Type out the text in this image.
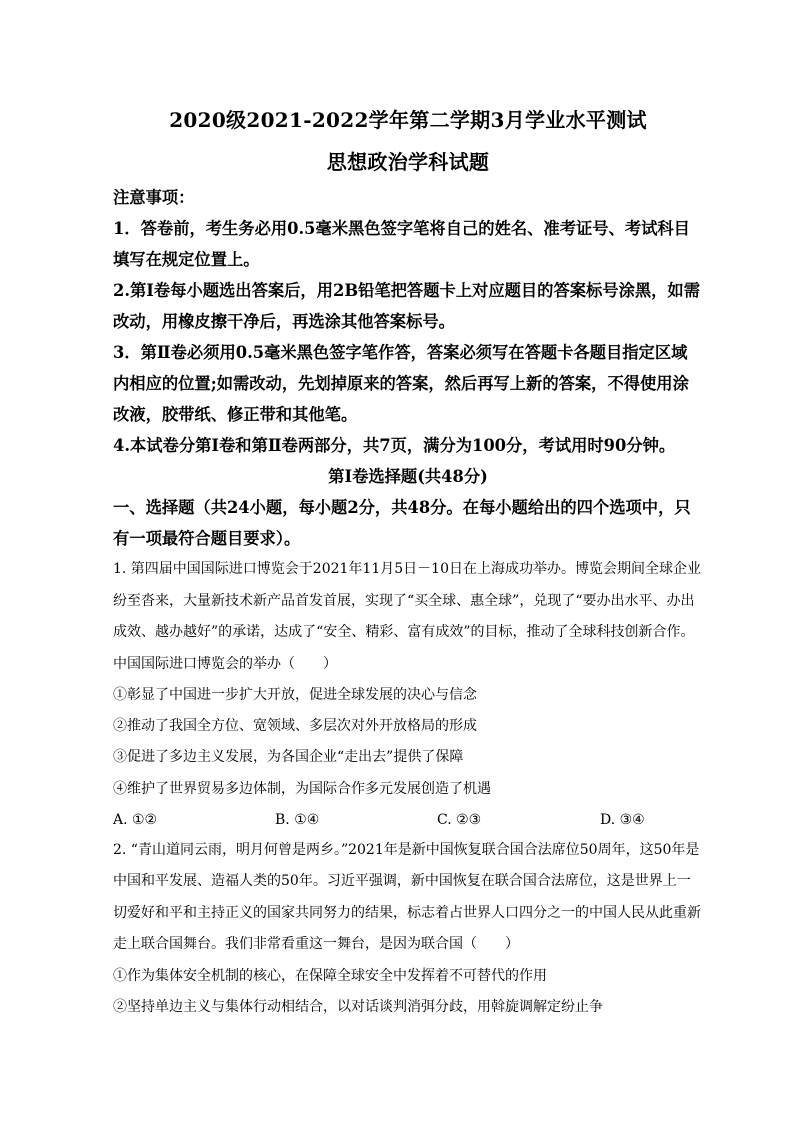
2020级2021-2022学年第二学期3月学业水平测试

思想政治学科试题

注意事项：

1．答卷前，考生务必用0.5毫米黑色签字笔将自己的姓名、准考证号、考试科目填写在规定位置上。

2.第Ⅰ卷每小题选出答案后，用2B铅笔把答题卡上对应题目的答案标号涂黑，如需改动，用橡皮擦干净后，再选涂其他答案标号。

3．第Ⅱ卷必须用0.5毫米黑色签字笔作答，答案必须写在答题卡各题目指定区域内相应的位置;如需改动，先划掉原来的答案，然后再写上新的答案，不得使用涂改液，胶带纸、修正带和其他笔。

4.本试卷分第Ⅰ卷和第Ⅱ卷两部分，共7页，满分为100分，考试用时90分钟。

第Ⅰ卷选择题(共48分)

一、选择题（共24小题，每小题2分，共48分。在每小题给出的四个选项中，只有一项最符合题目要求）。

1. 第四届中国国际进口博览会于2021年11月5日－10日在上海成功举办。博览会期间全球企业纷至沓来，大量新技术新产品首发首展，实现了“买全球、惠全球”，兑现了“要办出水平、办出成效、越办越好”的承诺，达成了“安全、精彩、富有成效”的目标，推动了全球科技创新合作。中国国际进口博览会的举办（　　）

①彰显了中国进一步扩大开放，促进全球发展的决心与信念

②推动了我国全方位、宽领域、多层次对外开放格局的形成

③促进了多边主义发展，为各国企业“走出去”提供了保障

④维护了世界贸易多边体制，为国际合作多元发展创造了机遇

A. ①②	B. ①④	C. ②③	D. ③④

2. “青山道同云雨，明月何曾是两乡。”2021年是新中国恢复联合国合法席位50周年，这50年是中国和平发展、造福人类的50年。习近平强调，新中国恢复在联合国合法席位，这是世界上一切爱好和平和主持正义的国家共同努力的结果，标志着占世界人口四分之一的中国人民从此重新走上联合国舞台。我们非常看重这一舞台，是因为联合国（　　）

①作为集体安全机制的核心，在保障全球安全中发挥着不可替代的作用

②坚持单边主义与集体行动相结合，以对话谈判消弭分歧，用斡旋调解定纷止争
